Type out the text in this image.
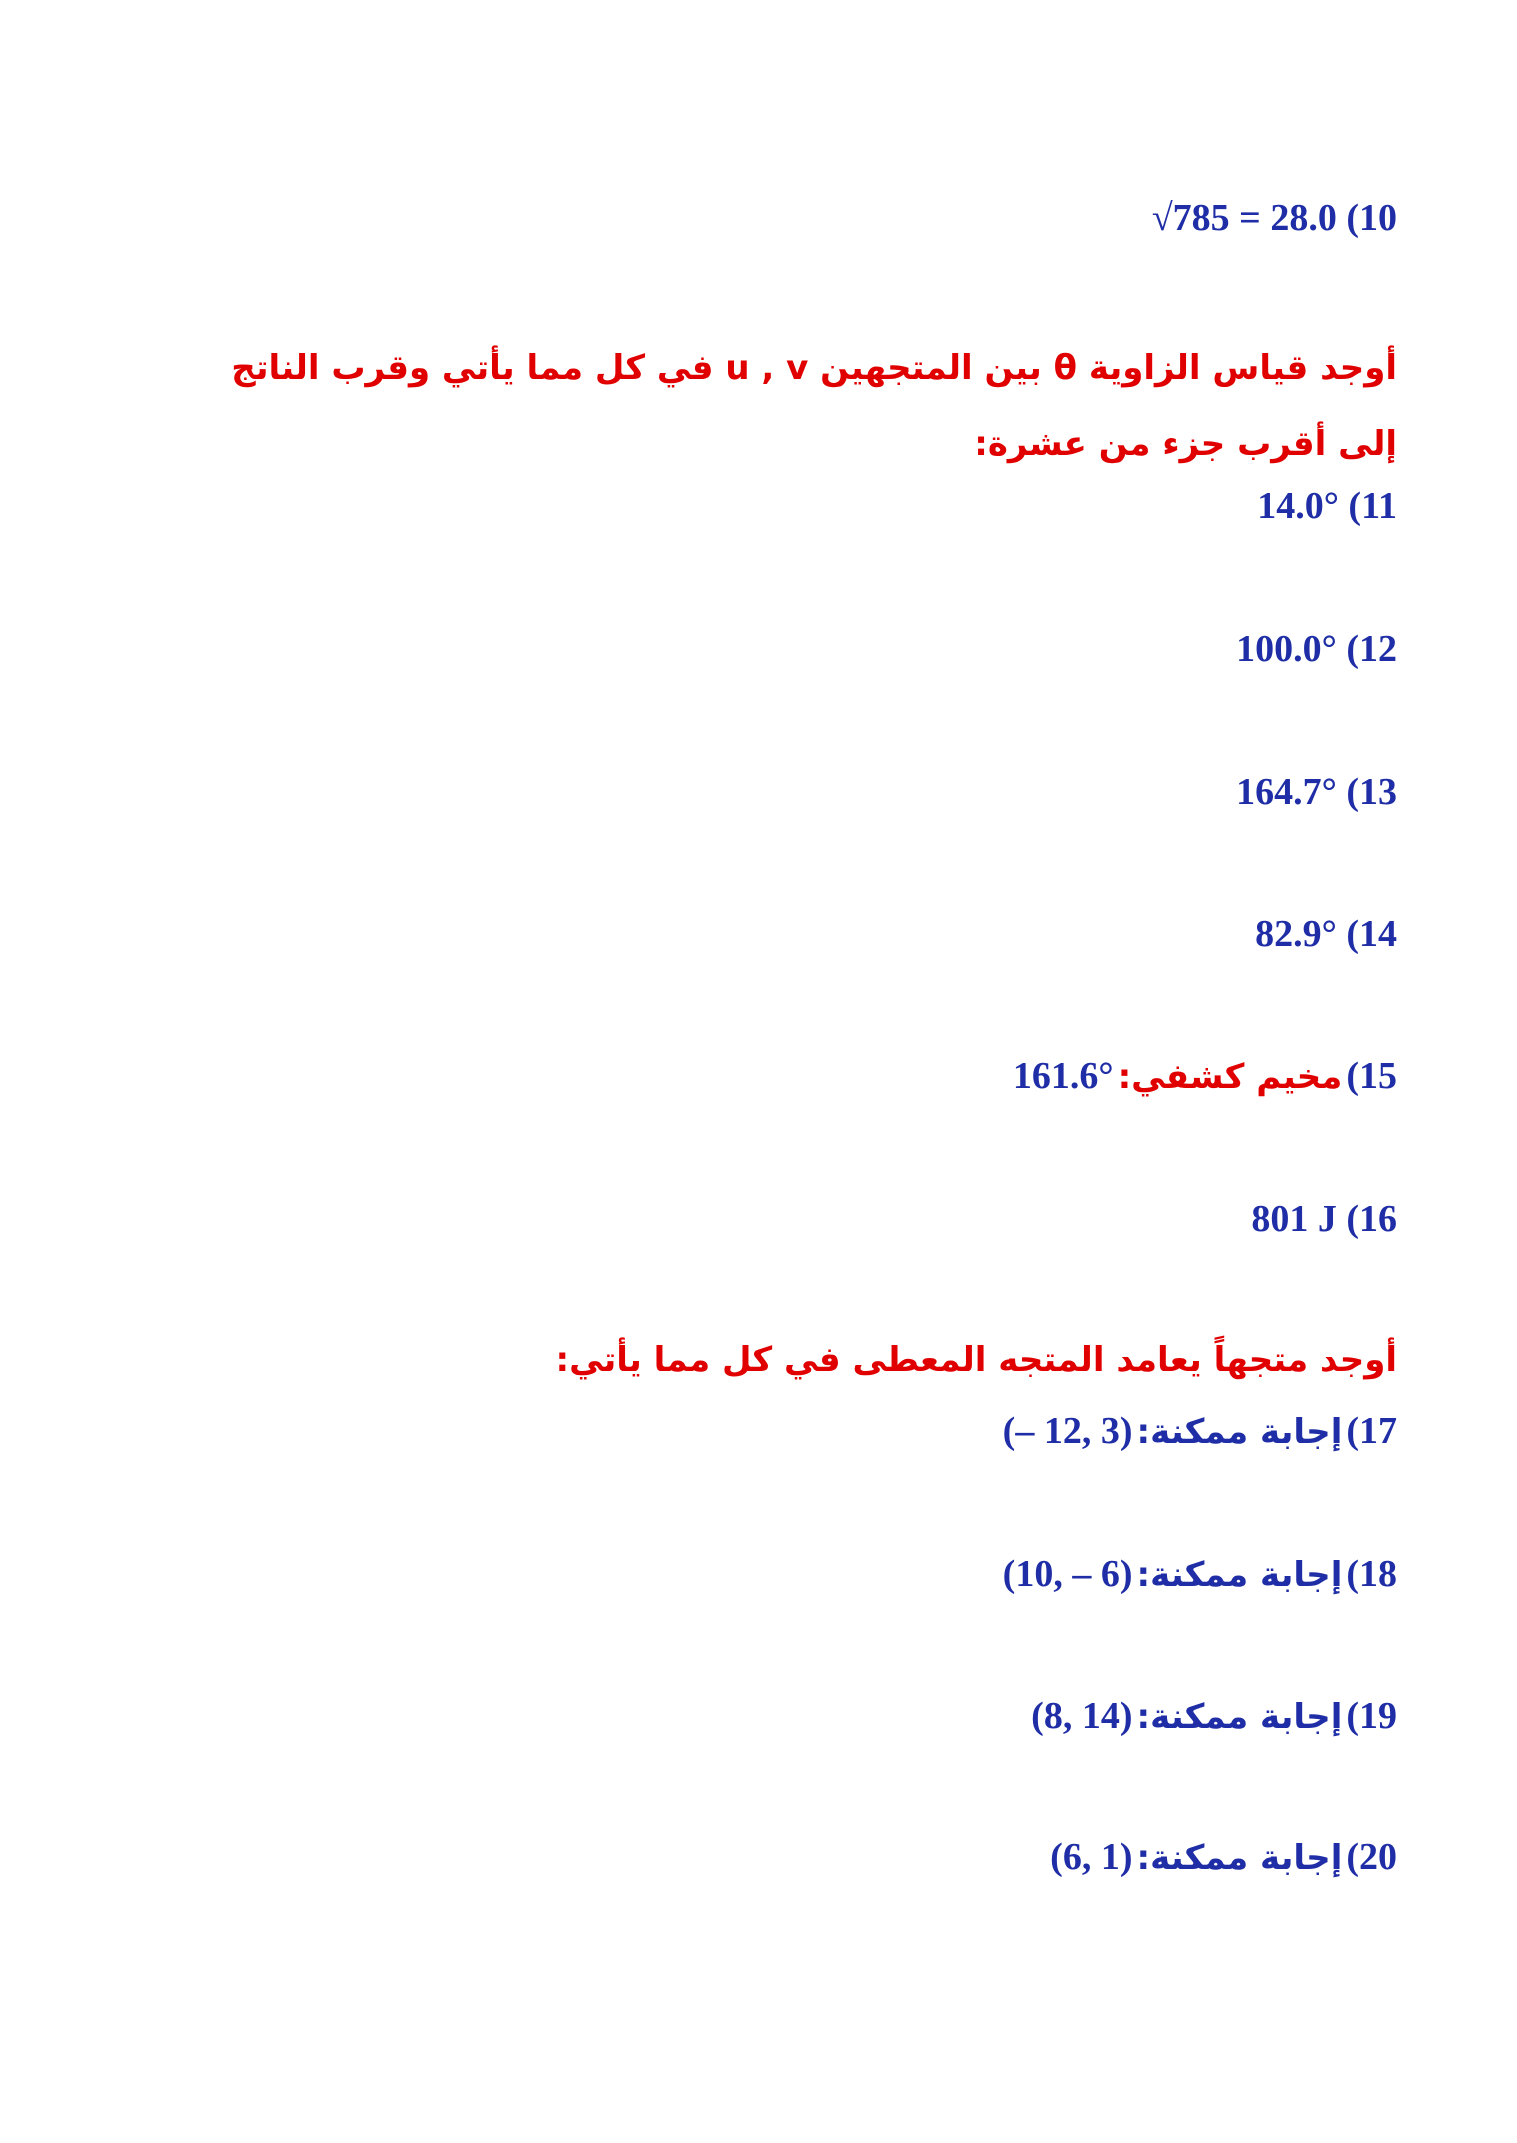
√785 = 28.0 (10
أوجد قياس الزاوية θ بين المتجهين u , v في كل مما يأتي وقرب الناتج إلى أقرب جزء من عشرة:
14.0° (11
100.0° (12
164.7° (13
82.9° (14
161.6° مخيم كشفي: (15
801 J (16
أوجد متجهاً يعامد المتجه المعطى في كل مما يأتي:
(– 12, 3) إجابة ممكنة: (17
(10, – 6) إجابة ممكنة: (18
(8, 14) إجابة ممكنة: (19
(6, 1) إجابة ممكنة: (20
